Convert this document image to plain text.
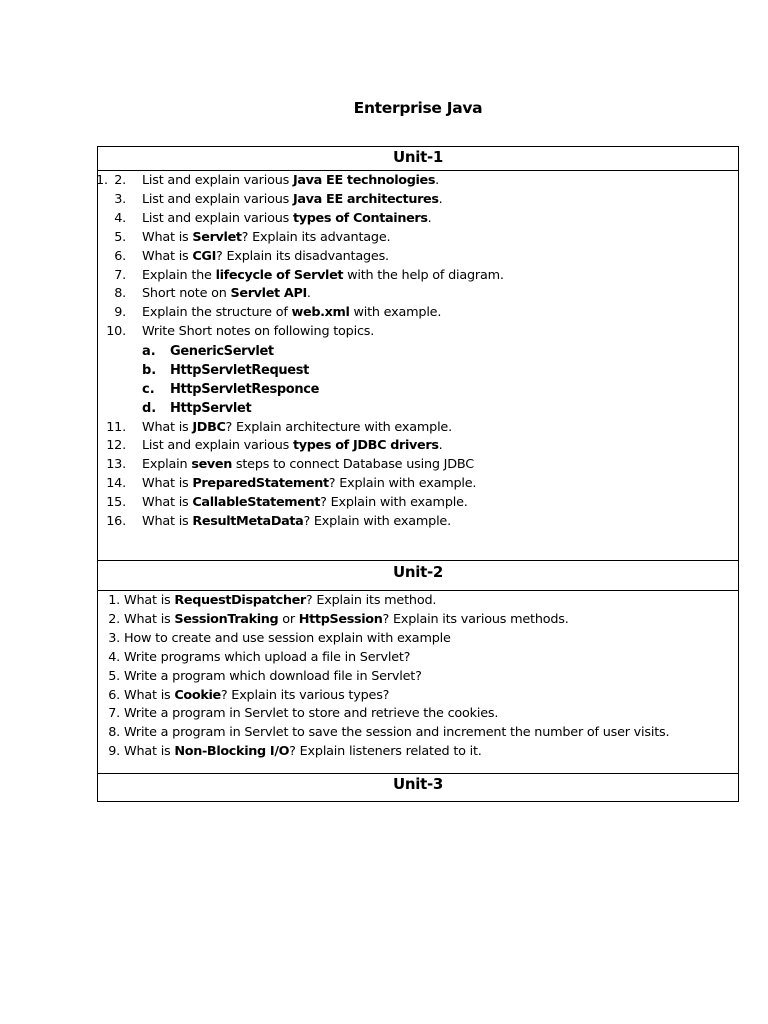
Enterprise Java
Unit-1
1. 2. List and explain various Java EE technologies.
3. List and explain various Java EE architectures.
4. List and explain various types of Containers.
5. What is Servlet? Explain its advantage.
6. What is CGI? Explain its disadvantages.
7. Explain the lifecycle of Servlet with the help of diagram.
8. Short note on Servlet API.
9. Explain the structure of web.xml with example.
10. Write Short notes on following topics.
a. GenericServlet
b. HttpServletRequest
c. HttpServletResponce
d. HttpServlet
11. What is JDBC? Explain architecture with example.
12. List and explain various types of JDBC drivers.
13. Explain seven steps to connect Database using JDBC
14. What is PreparedStatement? Explain with example.
15. What is CallableStatement? Explain with example.
16. What is ResultMetaData? Explain with example.
Unit-2
1. What is RequestDispatcher? Explain its method.
2. What is SessionTraking or HttpSession? Explain its various methods.
3. How to create and use session explain with example
4. Write programs which upload a file in Servlet?
5. Write a program which download file in Servlet?
6. What is Cookie? Explain its various types?
7. Write a program in Servlet to store and retrieve the cookies.
8. Write a program in Servlet to save the session and increment the number of user visits.
9. What is Non-Blocking I/O? Explain listeners related to it.
Unit-3
